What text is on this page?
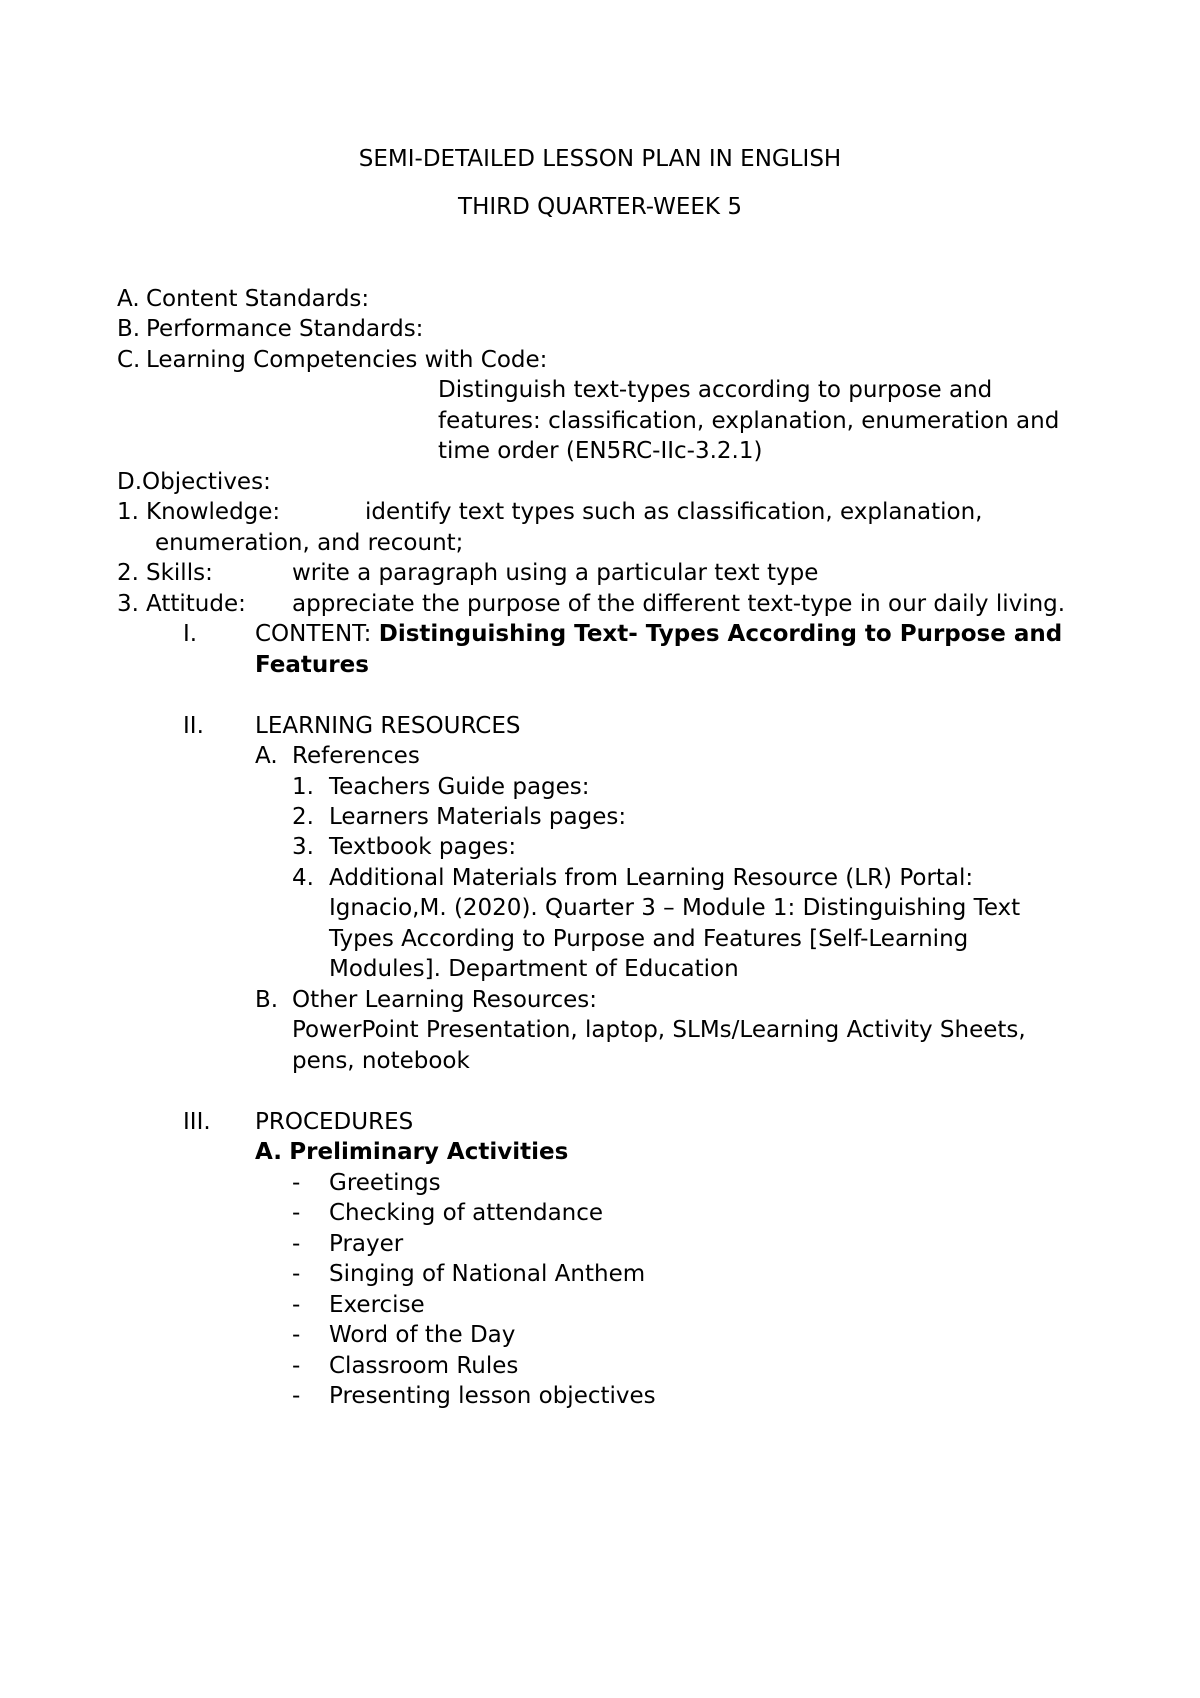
SEMI-DETAILED LESSON PLAN IN ENGLISH
THIRD QUARTER-WEEK 5
A. Content Standards:
B. Performance Standards:
C. Learning Competencies with Code:
Distinguish text-types according to purpose and
features: classification, explanation, enumeration and
time order (EN5RC-IIc-3.2.1)
D.Objectives:
1. Knowledge:	identify text types such as classification, explanation,
enumeration, and recount;
2. Skills:	write a paragraph using a particular text type
3. Attitude: appreciate the purpose of the different text-type in our daily living.
I.	CONTENT: Distinguishing Text- Types According to Purpose and
Features
II. LEARNING RESOURCES
A. References
1. Teachers Guide pages:
2. Learners Materials pages:
3. Textbook pages:
4. Additional Materials from Learning Resource (LR) Portal:
Ignacio,M. (2020). Quarter 3 – Module 1: Distinguishing Text
Types According to Purpose and Features [Self-Learning
Modules]. Department of Education
B. Other Learning Resources:
PowerPoint Presentation, laptop, SLMs/Learning Activity Sheets,
pens, notebook
III. PROCEDURES
A. Preliminary Activities
- Greetings
- Checking of attendance
- Prayer
- Singing of National Anthem
- Exercise
- Word of the Day
- Classroom Rules
- Presenting lesson objectives
